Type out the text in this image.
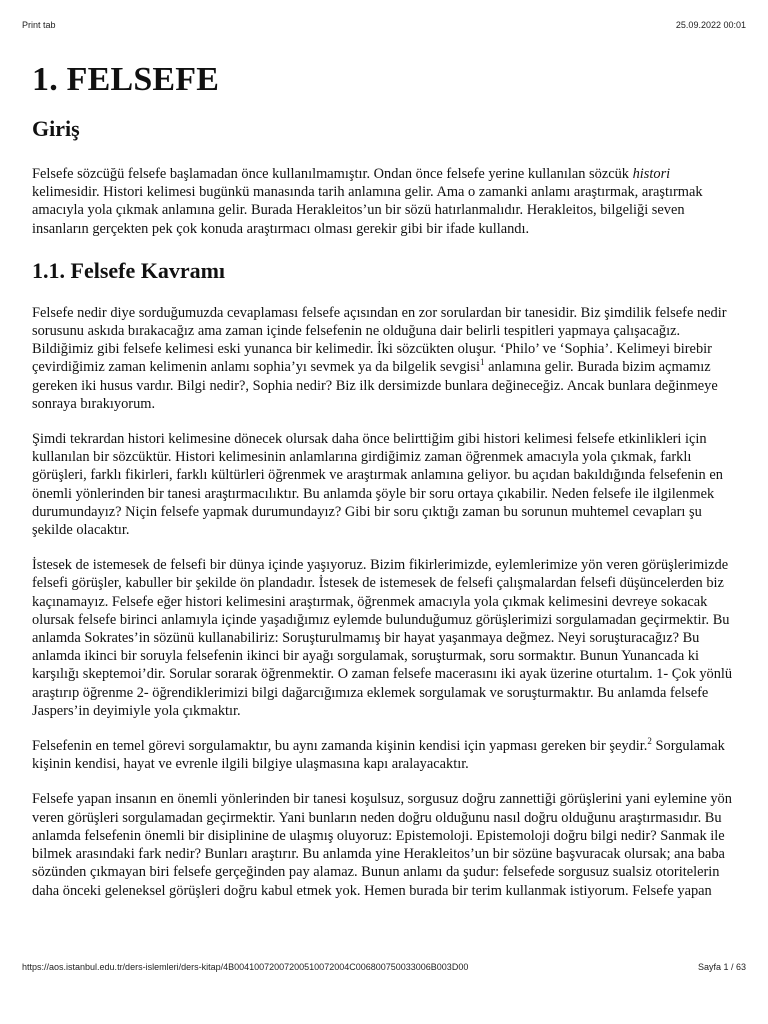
Print tab	25.09.2022 00:01
1. FELSEFE
Giriş

Felsefe sözcüğü felsefe başlamadan önce kullanılmamıştır. Ondan önce felsefe yerine kullanılan sözcük histori kelimesidir. Histori kelimesi bugünkü manasında tarih anlamına gelir. Ama o zamanki anlamı araştırmak, araştırmak amacıyla yola çıkmak anlamına gelir. Burada Herakleitos’un bir sözü hatırlanmalıdır. Herakleitos, bilgeliği seven insanların gerçekten pek çok konuda araştırmacı olması gerekir gibi bir ifade kullandı.

1.1. Felsefe Kavramı

Felsefe nedir diye sorduğumuzda cevaplaması felsefe açısından en zor sorulardan bir tanesidir. Biz şimdilik felsefe nedir sorusunu askıda bırakacağız ama zaman içinde felsefenin ne olduğuna dair belirli tespitleri yapmaya çalışacağız. Bildiğimiz gibi felsefe kelimesi eski yunanca bir kelimedir. İki sözcükten oluşur. ‘Philo’ ve ‘Sophia’. Kelimeyi birebir çevirdiğimiz zaman kelimenin anlamı sophia’yı sevmek ya da bilgelik sevgisi$^1$ anlamına gelir. Burada bizim açmamız gereken iki husus vardır. Bilgi nedir?, Sophia nedir? Biz ilk dersimizde bunlara değineceğiz. Ancak bunlara değinmeye sonraya bırakıyorum.

Şimdi tekrardan histori kelimesine dönecek olursak daha önce belirttiğim gibi histori kelimesi felsefe etkinlikleri için kullanılan bir sözcüktür. Histori kelimesinin anlamlarına girdiğimiz zaman öğrenmek amacıyla yola çıkmak, farklı görüşleri, farklı fikirleri, farklı kültürleri öğrenmek ve araştırmak anlamına geliyor. bu açıdan bakıldığında felsefenin en önemli yönlerinden bir tanesi araştırmacılıktır. Bu anlamda şöyle bir soru ortaya çıkabilir. Neden felsefe ile ilgilenmek durumundayız? Niçin felsefe yapmak durumundayız? Gibi bir soru çıktığı zaman bu sorunun muhtemel cevapları şu şekilde olacaktır.

İstesek de istemesek de felsefi bir dünya içinde yaşıyoruz. Bizim fikirlerimizde, eylemlerimize yön veren görüşlerimizde felsefi görüşler, kabuller bir şekilde ön plandadır. İstesek de istemesek de felsefi çalışmalardan felsefi düşüncelerden biz kaçınamayız. Felsefe eğer histori kelimesini araştırmak, öğrenmek amacıyla yola çıkmak kelimesini devreye sokacak olursak felsefe birinci anlamıyla içinde yaşadığımız eylemde bulunduğumuz görüşlerimizi sorgulamadan geçirmektir. Bu anlamda Sokrates’in sözünü kullanabiliriz: Soruşturulmamış bir hayat yaşanmaya değmez. Neyi soruşturacağız? Bu anlamda ikinci bir soruyla felsefenin ikinci bir ayağı sorgulamak, soruşturmak, soru sormaktır. Bunun Yunancada ki karşılığı skeptemoi’dir. Sorular sorarak öğrenmektir. O zaman felsefe macerasını iki ayak üzerine oturtalım. 1- Çok yönlü araştırıp öğrenme 2- öğrendiklerimizi bilgi dağarcığımıza eklemek sorgulamak ve soruşturmaktır. Bu anlamda felsefe Jaspers’in deyimiyle yola çıkmaktır.

Felsefenin en temel görevi sorgulamaktır, bu aynı zamanda kişinin kendisi için yapması gereken bir şeydir.$^2$ Sorgulamak kişinin kendisi, hayat ve evrenle ilgili bilgiye ulaşmasına kapı aralayacaktır.

Felsefe yapan insanın en önemli yönlerinden bir tanesi koşulsuz, sorgusuz doğru zannettiği görüşlerini yani eylemine yön veren görüşleri sorgulamadan geçirmektir. Yani bunların neden doğru olduğunu nasıl doğru olduğunu araştırmasıdır. Bu anlamda felsefenin önemli bir disiplinine de ulaşmış oluyoruz: Epistemoloji. Epistemoloji doğru bilgi nedir? Sanmak ile bilmek arasındaki fark nedir? Bunları araştırır. Bu anlamda yine Herakleitos’un bir sözüne başvuracak olursak; ana baba sözünden çıkmayan biri felsefe gerçeğinden pay alamaz. Bunun anlamı da şudur: felsefede sorgusuz sualsiz otoritelerin daha önceki geleneksel görüşleri doğru kabul etmek yok. Hemen burada bir terim kullanmak istiyorum. Felsefe yapan

https://aos.istanbul.edu.tr/ders-islemleri/ders-kitap/4B00410072007200510072004C006800750033006B003D00	Sayfa 1 / 63
